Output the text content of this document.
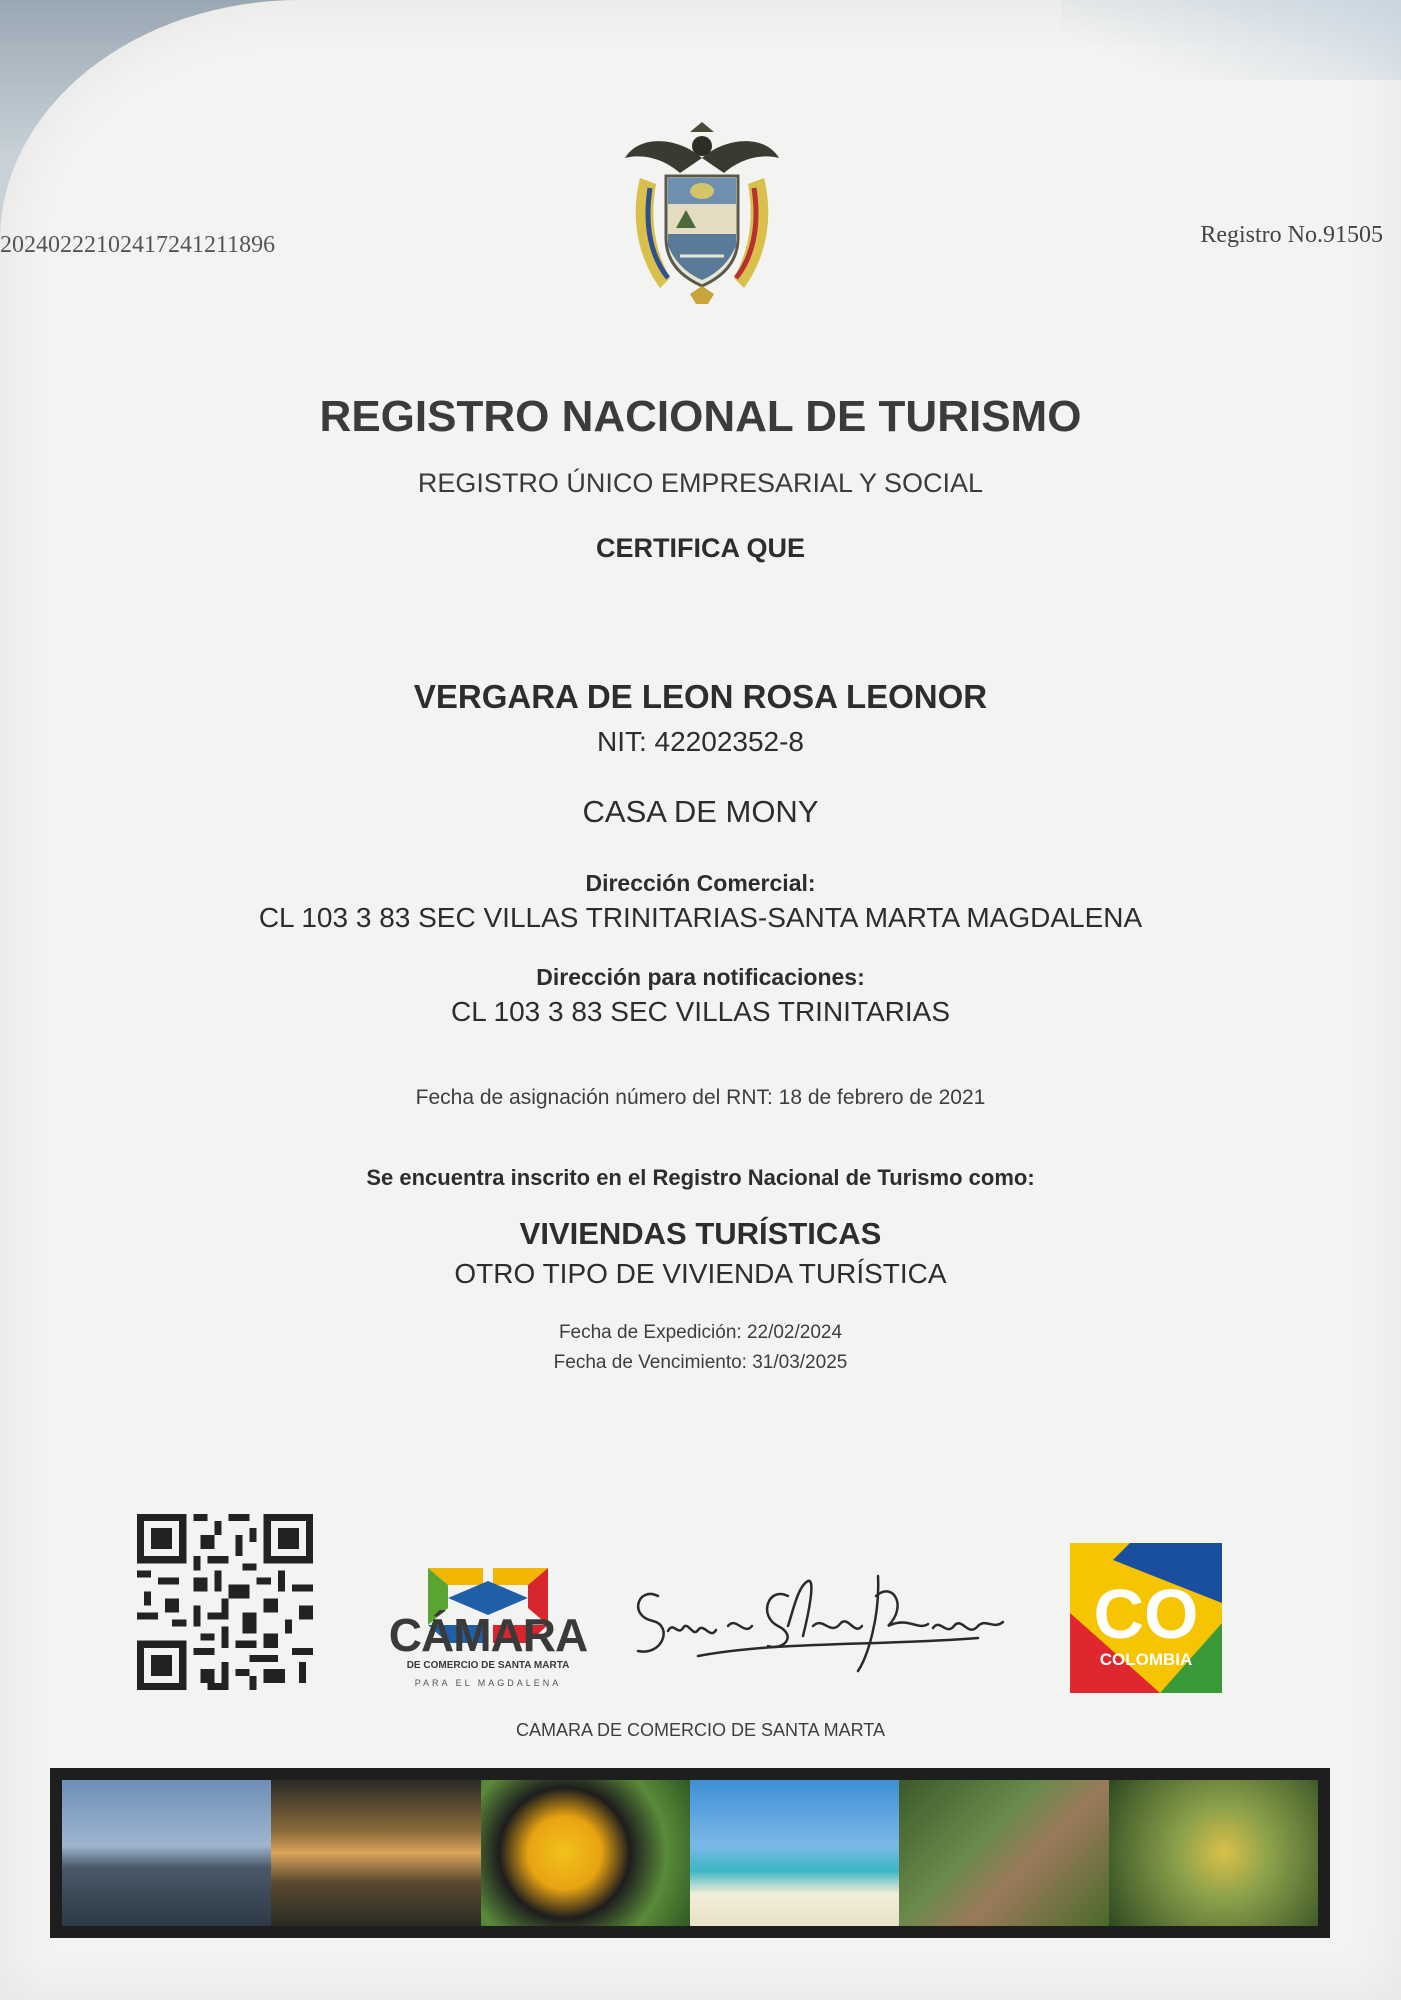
20240222102417241211896	Registro No.91505
REGISTRO NACIONAL DE TURISMO
REGISTRO ÚNICO EMPRESARIAL Y SOCIAL
CERTIFICA QUE
VERGARA DE LEON ROSA LEONOR
NIT: 42202352-8
CASA DE MONY
Dirección Comercial:
CL 103 3 83 SEC VILLAS TRINITARIAS-SANTA MARTA MAGDALENA
Dirección para notificaciones:
CL 103 3 83 SEC VILLAS TRINITARIAS
Fecha de asignación número del RNT: 18 de febrero de 2021
Se encuentra inscrito en el Registro Nacional de Turismo como:
VIVIENDAS TURÍSTICAS
OTRO TIPO DE VIVIENDA TURÍSTICA
Fecha de Expedición: 22/02/2024
Fecha de Vencimiento: 31/03/2025
CÁMARA
DE COMERCIO DE SANTA MARTA
PARA EL MAGDALENA
CO
COLOMBIA
CAMARA DE COMERCIO DE SANTA MARTA
